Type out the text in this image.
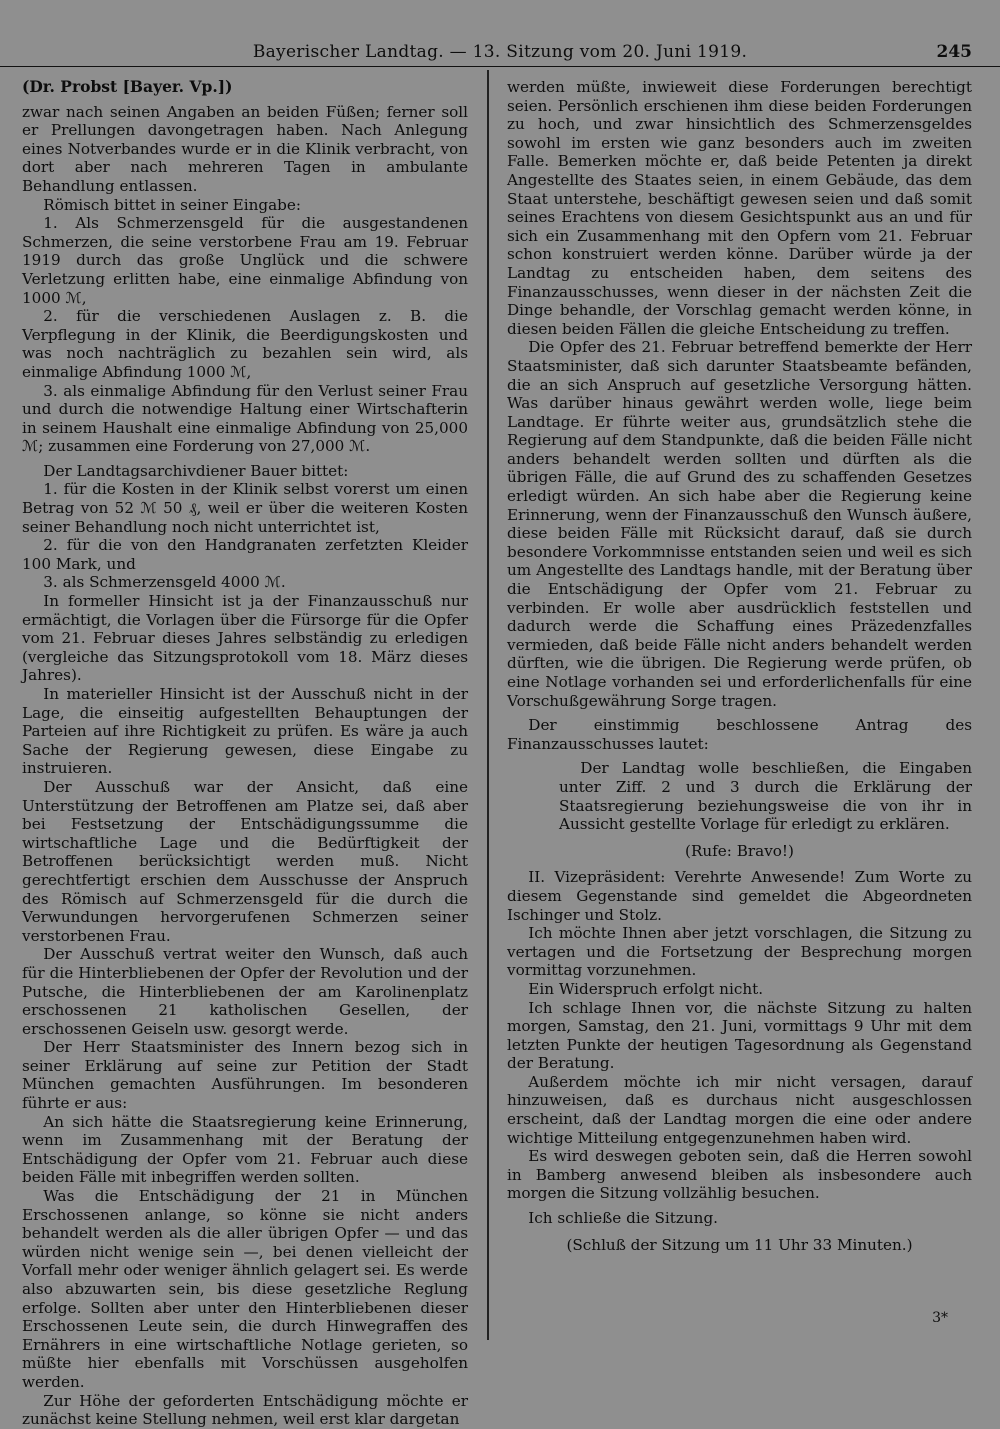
Bayerischer Landtag. — 13. Sitzung vom 20. Juni 1919.	245

(Dr. Probst [Bayer. Vp.])

zwar nach seinen Angaben an beiden Füßen; ferner soll er Prellungen davongetragen haben. Nach Anlegung eines Notverbandes wurde er in die Klinik verbracht, von dort aber nach mehreren Tagen in ambulante Behandlung entlassen.

Römisch bittet in seiner Eingabe:

1. Als Schmerzensgeld für die ausgestandenen Schmerzen, die seine verstorbene Frau am 19. Februar 1919 durch das große Unglück und die schwere Verletzung erlitten habe, eine einmalige Abfindung von 1000 ℳ,

2. für die verschiedenen Auslagen z. B. die Verpflegung in der Klinik, die Beerdigungskosten und was noch nachträglich zu bezahlen sein wird, als einmalige Abfindung 1000 ℳ,

3. als einmalige Abfindung für den Verlust seiner Frau und durch die notwendige Haltung einer Wirtschafterin in seinem Haushalt eine einmalige Abfindung von 25,000 ℳ; zusammen eine Forderung von 27,000 ℳ.

Der Landtagsarchivdiener Bauer bittet:

1. für die Kosten in der Klinik selbst vorerst um einen Betrag von 52 ℳ 50 ₰, weil er über die weiteren Kosten seiner Behandlung noch nicht unterrichtet ist,

2. für die von den Handgranaten zerfetzten Kleider 100 Mark, und

3. als Schmerzensgeld 4000 ℳ.

In formeller Hinsicht ist ja der Finanzausschuß nur ermächtigt, die Vorlagen über die Fürsorge für die Opfer vom 21. Februar dieses Jahres selbständig zu erledigen (vergleiche das Sitzungsprotokoll vom 18. März dieses Jahres).

In materieller Hinsicht ist der Ausschuß nicht in der Lage, die einseitig aufgestellten Behauptungen der Parteien auf ihre Richtigkeit zu prüfen. Es wäre ja auch Sache der Regierung gewesen, diese Eingabe zu instruieren.

Der Ausschuß war der Ansicht, daß eine Unterstützung der Betroffenen am Platze sei, daß aber bei Festsetzung der Entschädigungssumme die wirtschaftliche Lage und die Bedürftigkeit der Betroffenen berücksichtigt werden muß. Nicht gerechtfertigt erschien dem Ausschusse der Anspruch des Römisch auf Schmerzensgeld für die durch die Verwundungen hervorgerufenen Schmerzen seiner verstorbenen Frau.

Der Ausschuß vertrat weiter den Wunsch, daß auch für die Hinterbliebenen der Opfer der Revolution und der Putsche, die Hinterbliebenen der am Karolinenplatz erschossenen 21 katholischen Gesellen, der erschossenen Geiseln usw. gesorgt werde.

Der Herr Staatsminister des Innern bezog sich in seiner Erklärung auf seine zur Petition der Stadt München gemachten Ausführungen. Im besonderen führte er aus:

An sich hätte die Staatsregierung keine Erinnerung, wenn im Zusammenhang mit der Beratung der Entschädigung der Opfer vom 21. Februar auch diese beiden Fälle mit inbegriffen werden sollten.

Was die Entschädigung der 21 in München Erschossenen anlange, so könne sie nicht anders behandelt werden als die aller übrigen Opfer — und das würden nicht wenige sein —, bei denen vielleicht der Vorfall mehr oder weniger ähnlich gelagert sei. Es werde also abzuwarten sein, bis diese gesetzliche Reglung erfolge. Sollten aber unter den Hinterbliebenen dieser Erschossenen Leute sein, die durch Hinwegraffen des Ernährers in eine wirtschaftliche Notlage gerieten, so müßte hier ebenfalls mit Vorschüssen ausgeholfen werden.

Zur Höhe der geforderten Entschädigung möchte er zunächst keine Stellung nehmen, weil erst klar dargetan

werden müßte, inwieweit diese Forderungen berechtigt seien. Persönlich erschienen ihm diese beiden Forderungen zu hoch, und zwar hinsichtlich des Schmerzensgeldes sowohl im ersten wie ganz besonders auch im zweiten Falle. Bemerken möchte er, daß beide Petenten ja direkt Angestellte des Staates seien, in einem Gebäude, das dem Staat unterstehe, beschäftigt gewesen seien und daß somit seines Erachtens von diesem Gesichtspunkt aus an und für sich ein Zusammenhang mit den Opfern vom 21. Februar schon konstruiert werden könne. Darüber würde ja der Landtag zu entscheiden haben, dem seitens des Finanzausschusses, wenn dieser in der nächsten Zeit die Dinge behandle, der Vorschlag gemacht werden könne, in diesen beiden Fällen die gleiche Entscheidung zu treffen.

Die Opfer des 21. Februar betreffend bemerkte der Herr Staatsminister, daß sich darunter Staatsbeamte befänden, die an sich Anspruch auf gesetzliche Versorgung hätten. Was darüber hinaus gewährt werden wolle, liege beim Landtage. Er führte weiter aus, grundsätzlich stehe die Regierung auf dem Standpunkte, daß die beiden Fälle nicht anders behandelt werden sollten und dürften als die übrigen Fälle, die auf Grund des zu schaffenden Gesetzes erledigt würden. An sich habe aber die Regierung keine Erinnerung, wenn der Finanzausschuß den Wunsch äußere, diese beiden Fälle mit Rücksicht darauf, daß sie durch besondere Vorkommnisse entstanden seien und weil es sich um Angestellte des Landtags handle, mit der Beratung über die Entschädigung der Opfer vom 21. Februar zu verbinden. Er wolle aber ausdrücklich feststellen und dadurch werde die Schaffung eines Präzedenzfalles vermieden, daß beide Fälle nicht anders behandelt werden dürften, wie die übrigen. Die Regierung werde prüfen, ob eine Notlage vorhanden sei und erforderlichenfalls für eine Vorschußgewährung Sorge tragen.

Der einstimmig beschlossene Antrag des Finanzausschusses lautet:

Der Landtag wolle beschließen, die Eingaben unter Ziff. 2 und 3 durch die Erklärung der Staatsregierung beziehungsweise die von ihr in Aussicht gestellte Vorlage für erledigt zu erklären.

(Rufe: Bravo!)

II. Vizepräsident: Verehrte Anwesende! Zum Worte zu diesem Gegenstande sind gemeldet die Abgeordneten Ischinger und Stolz.

Ich möchte Ihnen aber jetzt vorschlagen, die Sitzung zu vertagen und die Fortsetzung der Besprechung morgen vormittag vorzunehmen.

Ein Widerspruch erfolgt nicht.

Ich schlage Ihnen vor, die nächste Sitzung zu halten morgen, Samstag, den 21. Juni, vormittags 9 Uhr mit dem letzten Punkte der heutigen Tagesordnung als Gegenstand der Beratung.

Außerdem möchte ich mir nicht versagen, darauf hinzuweisen, daß es durchaus nicht ausgeschlossen erscheint, daß der Landtag morgen die eine oder andere wichtige Mitteilung entgegenzunehmen haben wird.

Es wird deswegen geboten sein, daß die Herren sowohl in Bamberg anwesend bleiben als insbesondere auch morgen die Sitzung vollzählig besuchen.

Ich schließe die Sitzung.

(Schluß der Sitzung um 11 Uhr 33 Minuten.)

3*
